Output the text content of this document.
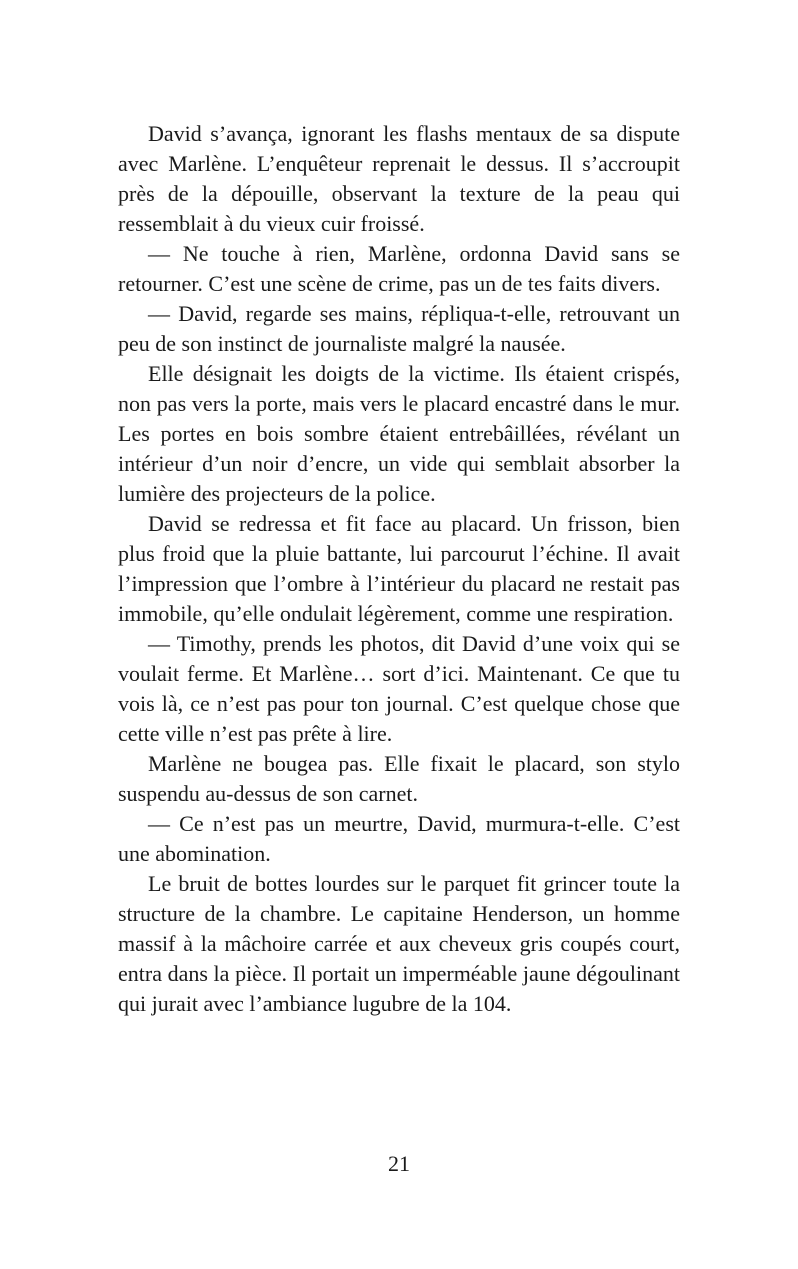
David s’avança, ignorant les flashs mentaux de sa dispute avec Marlène. L’enquêteur reprenait le dessus. Il s’accroupit près de la dépouille, observant la texture de la peau qui ressemblait à du vieux cuir froissé.

— Ne touche à rien, Marlène, ordonna David sans se retourner. C’est une scène de crime, pas un de tes faits divers.

— David, regarde ses mains, répliqua-t-elle, retrouvant un peu de son instinct de journaliste malgré la nausée.

Elle désignait les doigts de la victime. Ils étaient crispés, non pas vers la porte, mais vers le placard encastré dans le mur. Les portes en bois sombre étaient entrebâillées, révélant un intérieur d’un noir d’encre, un vide qui semblait absorber la lumière des projecteurs de la police.

David se redressa et fit face au placard. Un frisson, bien plus froid que la pluie battante, lui parcourut l’échine. Il avait l’impression que l’ombre à l’intérieur du placard ne restait pas immobile, qu’elle ondulait légèrement, comme une respiration.

— Timothy, prends les photos, dit David d’une voix qui se voulait ferme. Et Marlène… sort d’ici. Maintenant. Ce que tu vois là, ce n’est pas pour ton journal. C’est quelque chose que cette ville n’est pas prête à lire.

Marlène ne bougea pas. Elle fixait le placard, son stylo suspendu au-dessus de son carnet.

— Ce n’est pas un meurtre, David, murmura-t-elle. C’est une abomination.

Le bruit de bottes lourdes sur le parquet fit grincer toute la structure de la chambre. Le capitaine Henderson, un homme massif à la mâchoire carrée et aux cheveux gris coupés court, entra dans la pièce. Il portait un imperméable jaune dégoulinant qui jurait avec l’ambiance lugubre de la 104.

21
